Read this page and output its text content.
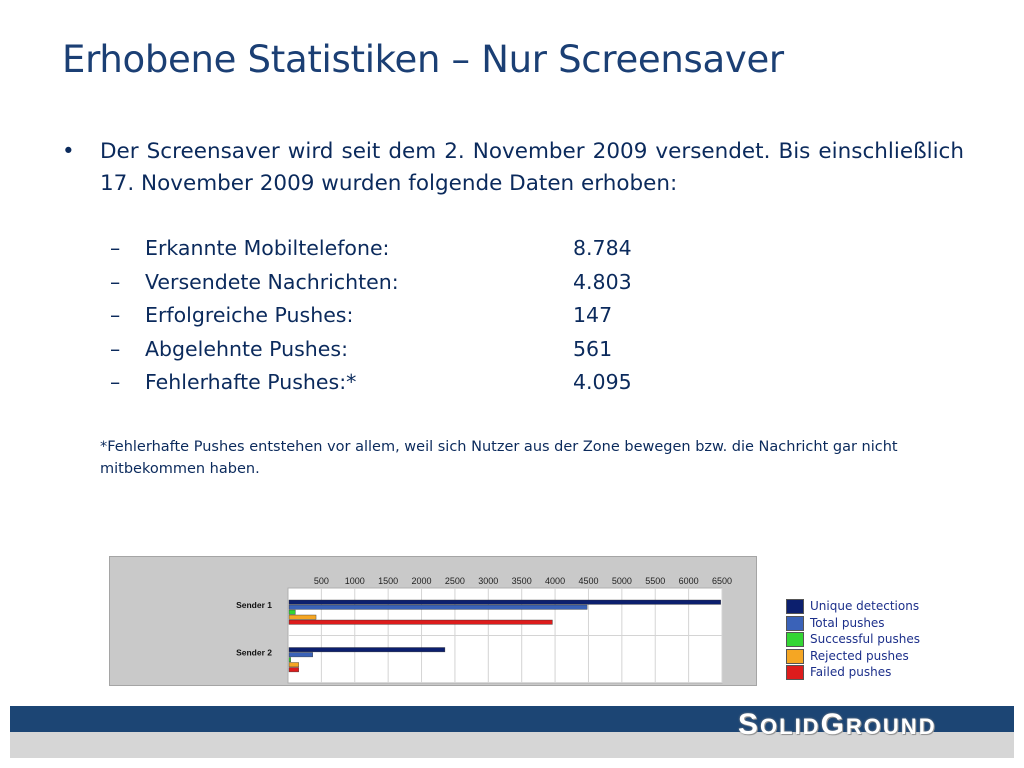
Erhobene Statistiken – Nur Screensaver
• Der Screensaver wird seit dem 2. November 2009 versendet. Bis einschließlich 17. November 2009 wurden folgende Daten erhoben:
– Erkannte Mobiltelefone:	8.784
– Versendete Nachrichten:	4.803
– Erfolgreiche Pushes:	147
– Abgelehnte Pushes:	561
– Fehlerhafte Pushes:*	4.095
*Fehlerhafte Pushes entstehen vor allem, weil sich Nutzer aus der Zone bewegen bzw. die Nachricht gar nicht mitbekommen haben.
500 1000 1500 2000 2500 3000 3500 4000 4500 5000 5500 6000 6500
Sender 1
Sender 2
Unique detections
Total pushes
Successful pushes
Rejected pushes
Failed pushes
SOLIDGROUND
